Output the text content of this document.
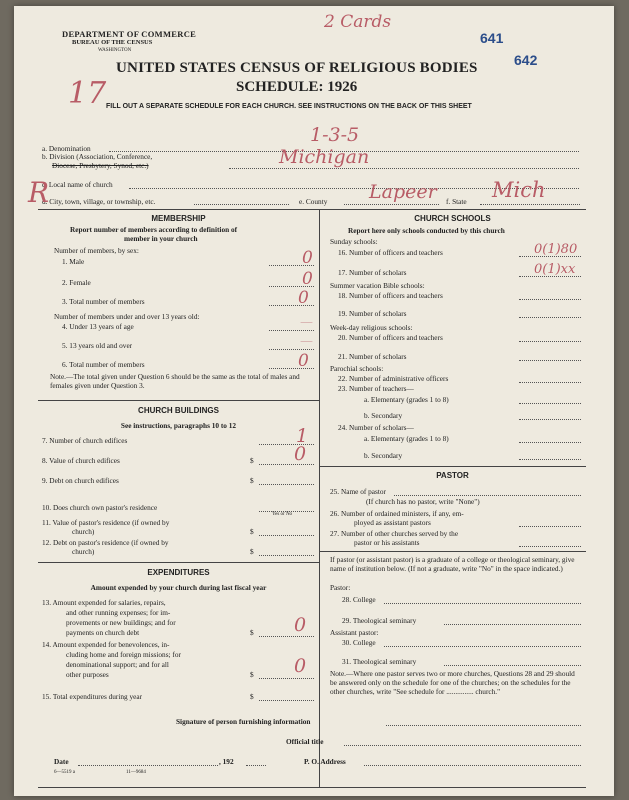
DEPARTMENT OF COMMERCE
BUREAU OF THE CENSUS
WASHINGTON
2 Cards
641
642
17
UNITED STATES CENSUS OF RELIGIOUS BODIES
SCHEDULE: 1926
FILL OUT A SEPARATE SCHEDULE FOR EACH CHURCH. SEE INSTRUCTIONS ON THE BACK OF THIS SHEET
a. Denomination
1-3-5
b. Division (Association, Conference,
Diocese, Presbytery, Synod, etc.)	Michigan
c. Local name of church
d. City, town, village, or township, etc.	e. County Lapeer f. State Mich
R
MEMBERSHIP
Report number of members according to definition of
member in your church
Number of members, by sex:
1. Male	0
2. Female	0
3. Total number of members	0
Number of members under and over 13 years old:
4. Under 13 years of age	—
5. 13 years old and over	—
6. Total number of members	0
Note.—The total given under Question 6 should be the same as the total of males and females given under Question 3.
CHURCH BUILDINGS
See instructions, paragraphs 10 to 12
7. Number of church edifices	1
8. Value of church edifices	$ 0
9. Debt on church edifices	$
10. Does church own pastor's residence
Yes or No
11. Value of pastor's residence (if owned by
church)	$
12. Debt on pastor's residence (if owned by
church)	$
EXPENDITURES
Amount expended by your church during last fiscal year
13. Amount expended for salaries, repairs,
and other running expenses; for im-
provements or new buildings; and for
payments on church debt	$ 0
14. Amount expended for benevolences, in-
cluding home and foreign missions; for
denominational support; and for all
other purposes	$ 0
15. Total expenditures during year	$
CHURCH SCHOOLS
Report here only schools conducted by this church
Sunday schools:
16. Number of officers and teachers	0(1)80
17. Number of scholars	0(1)xx
Summer vacation Bible schools:
18. Number of officers and teachers
19. Number of scholars
Week-day religious schools:
20. Number of officers and teachers
21. Number of scholars
Parochial schools:
22. Number of administrative officers
23. Number of teachers—
a. Elementary (grades 1 to 8)
b. Secondary
24. Number of scholars—
a. Elementary (grades 1 to 8)
b. Secondary
PASTOR
25. Name of pastor
(If church has no pastor, write "None")
26. Number of ordained ministers, if any, em-
ployed as assistant pastors
27. Number of other churches served by the
pastor or his assistants
If pastor (or assistant pastor) is a graduate of a college or theological seminary, give name of institution below. (If not a graduate, write "No" in the space indicated.)
Pastor:
28. College
29. Theological seminary
Assistant pastor:
30. College
31. Theological seminary
Note.—Where one pastor serves two or more churches, Questions 28 and 29 should be answered only on the schedule for one of the churches; on the schedules for the other churches, write "See schedule for ............... church."
Signature of person furnishing information
Official title
Date	, 192	P. O. Address
6—5519 a	11—9684
